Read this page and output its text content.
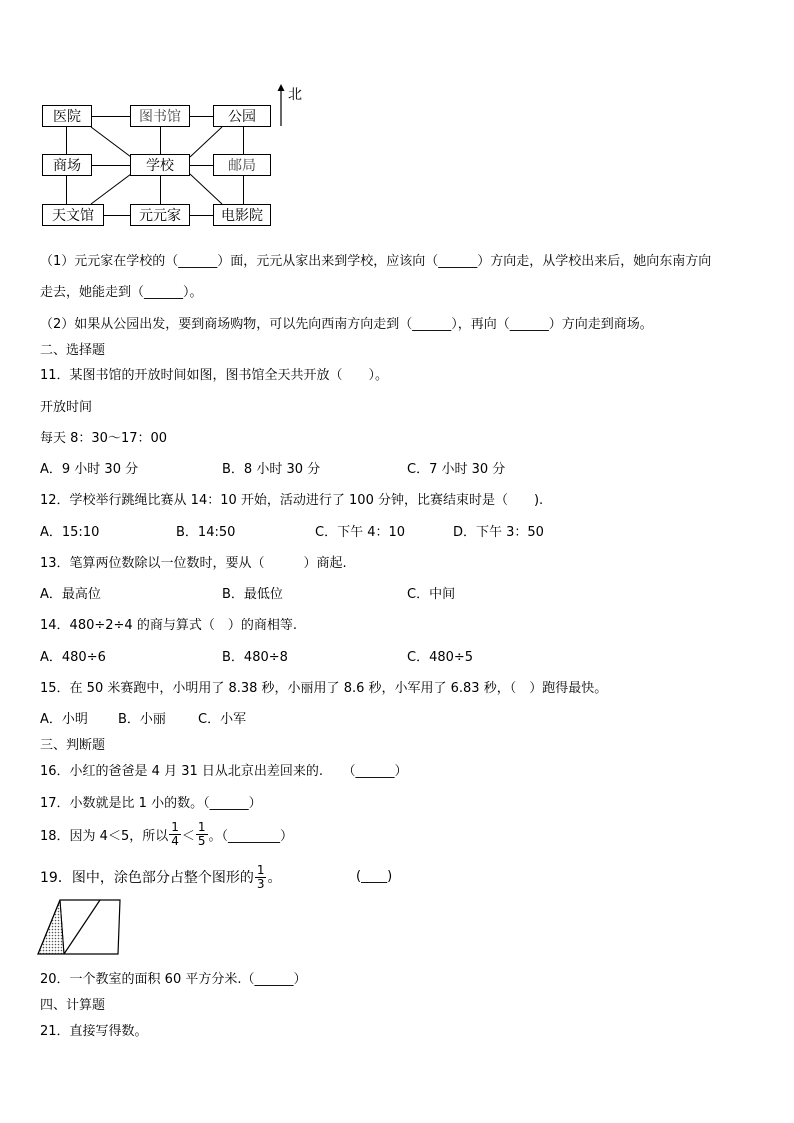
医院	图书馆	公园
商场	学校	邮局
天文馆	元元家	电影院
北
（1）元元家在学校的（______）面，元元从家出来到学校，应该向（______）方向走，从学校出来后，她向东南方向
走去，她能走到（______）。
（2）如果从公园出发，要到商场购物，可以先向西南方向走到（______），再向（______）方向走到商场。
二、选择题
11．某图书馆的开放时间如图，图书馆全天共开放（　　）。
开放时间
每天 8：30～17：00
A．9 小时 30 分	B．8 小时 30 分	C．7 小时 30 分
12．学校举行跳绳比赛从 14：10 开始，活动进行了 100 分钟，比赛结束时是（　　).
A．15:10	B．14:50	C．下午 4：10	D．下午 3：50
13．笔算两位数除以一位数时，要从（　　　）商起.
A．最高位	B．最低位	C．中间
14．480÷2÷4 的商与算式（　）的商相等.
A．480÷6	B．480÷8	C．480÷5
15．在 50 米赛跑中，小明用了 8.38 秒，小丽用了 8.6 秒，小军用了 6.83 秒，（　）跑得最快。
A．小明 B．小丽 C．小军
三、判断题
16．小红的爸爸是 4 月 31 日从北京出差回来的.　　（______）
17．小数就是比 1 小的数。（______）
18．因为 4＜5，所以 $\frac{1}{4} < \frac{1}{5}$ 。（________）
19．图中，涂色部分占整个图形的 $\frac{1}{3}$ 。	(____)
20．一个教室的面积 60 平方分米.（______）
四、计算题
21．直接写得数。
